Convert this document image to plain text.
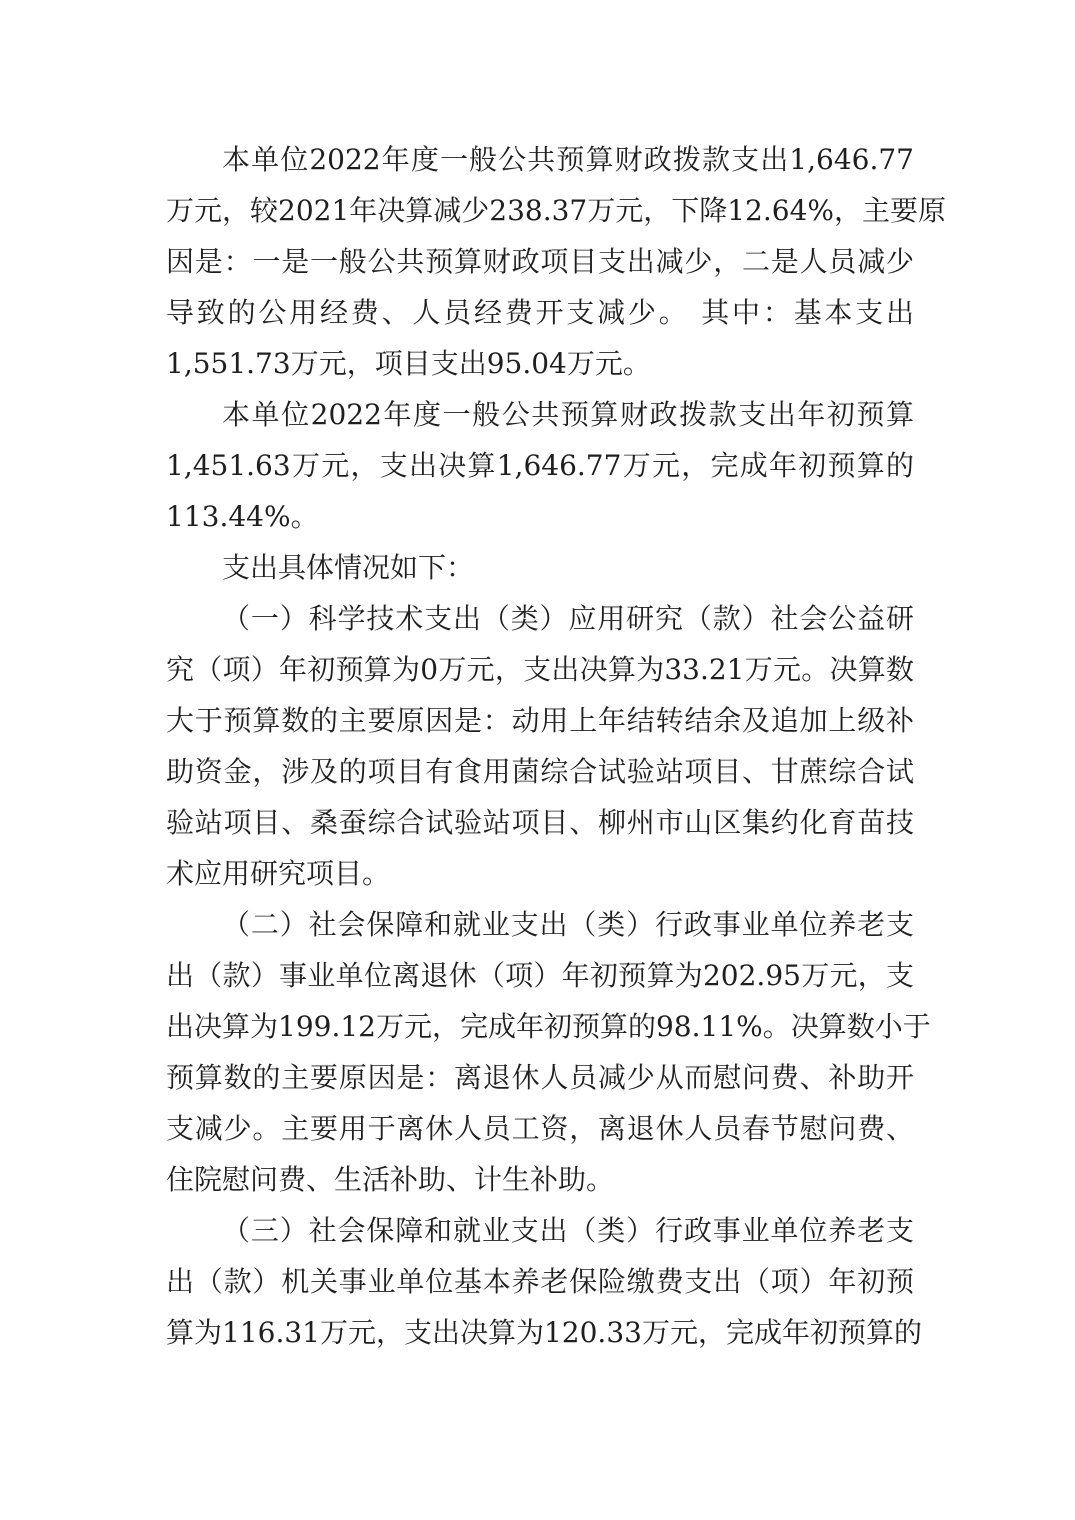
本单位2022年度一般公共预算财政拨款支出1,646.77

万元，较2021年决算减少238.37万元，下降12.64%，主要原

因是：一是一般公共预算财政项目支出减少，二是人员减少

导致的公用经费、人员经费开支减少。 其中：基本支出

1,551.73万元，项目支出95.04万元。

本单位2022年度一般公共预算财政拨款支出年初预算

1,451.63万元，支出决算1,646.77万元，完成年初预算的

113.44%。

支出具体情况如下：

（一）科学技术支出（类）应用研究（款）社会公益研

究（项）年初预算为0万元，支出决算为33.21万元。决算数

大于预算数的主要原因是：动用上年结转结余及追加上级补

助资金，涉及的项目有食用菌综合试验站项目、甘蔗综合试

验站项目、桑蚕综合试验站项目、柳州市山区集约化育苗技

术应用研究项目。

（二）社会保障和就业支出（类）行政事业单位养老支

出（款）事业单位离退休（项）年初预算为202.95万元，支

出决算为199.12万元，完成年初预算的98.11%。决算数小于

预算数的主要原因是：离退休人员减少从而慰问费、补助开

支减少。主要用于离休人员工资，离退休人员春节慰问费、

住院慰问费、生活补助、计生补助。

（三）社会保障和就业支出（类）行政事业单位养老支

出（款）机关事业单位基本养老保险缴费支出（项）年初预

算为116.31万元，支出决算为120.33万元，完成年初预算的
